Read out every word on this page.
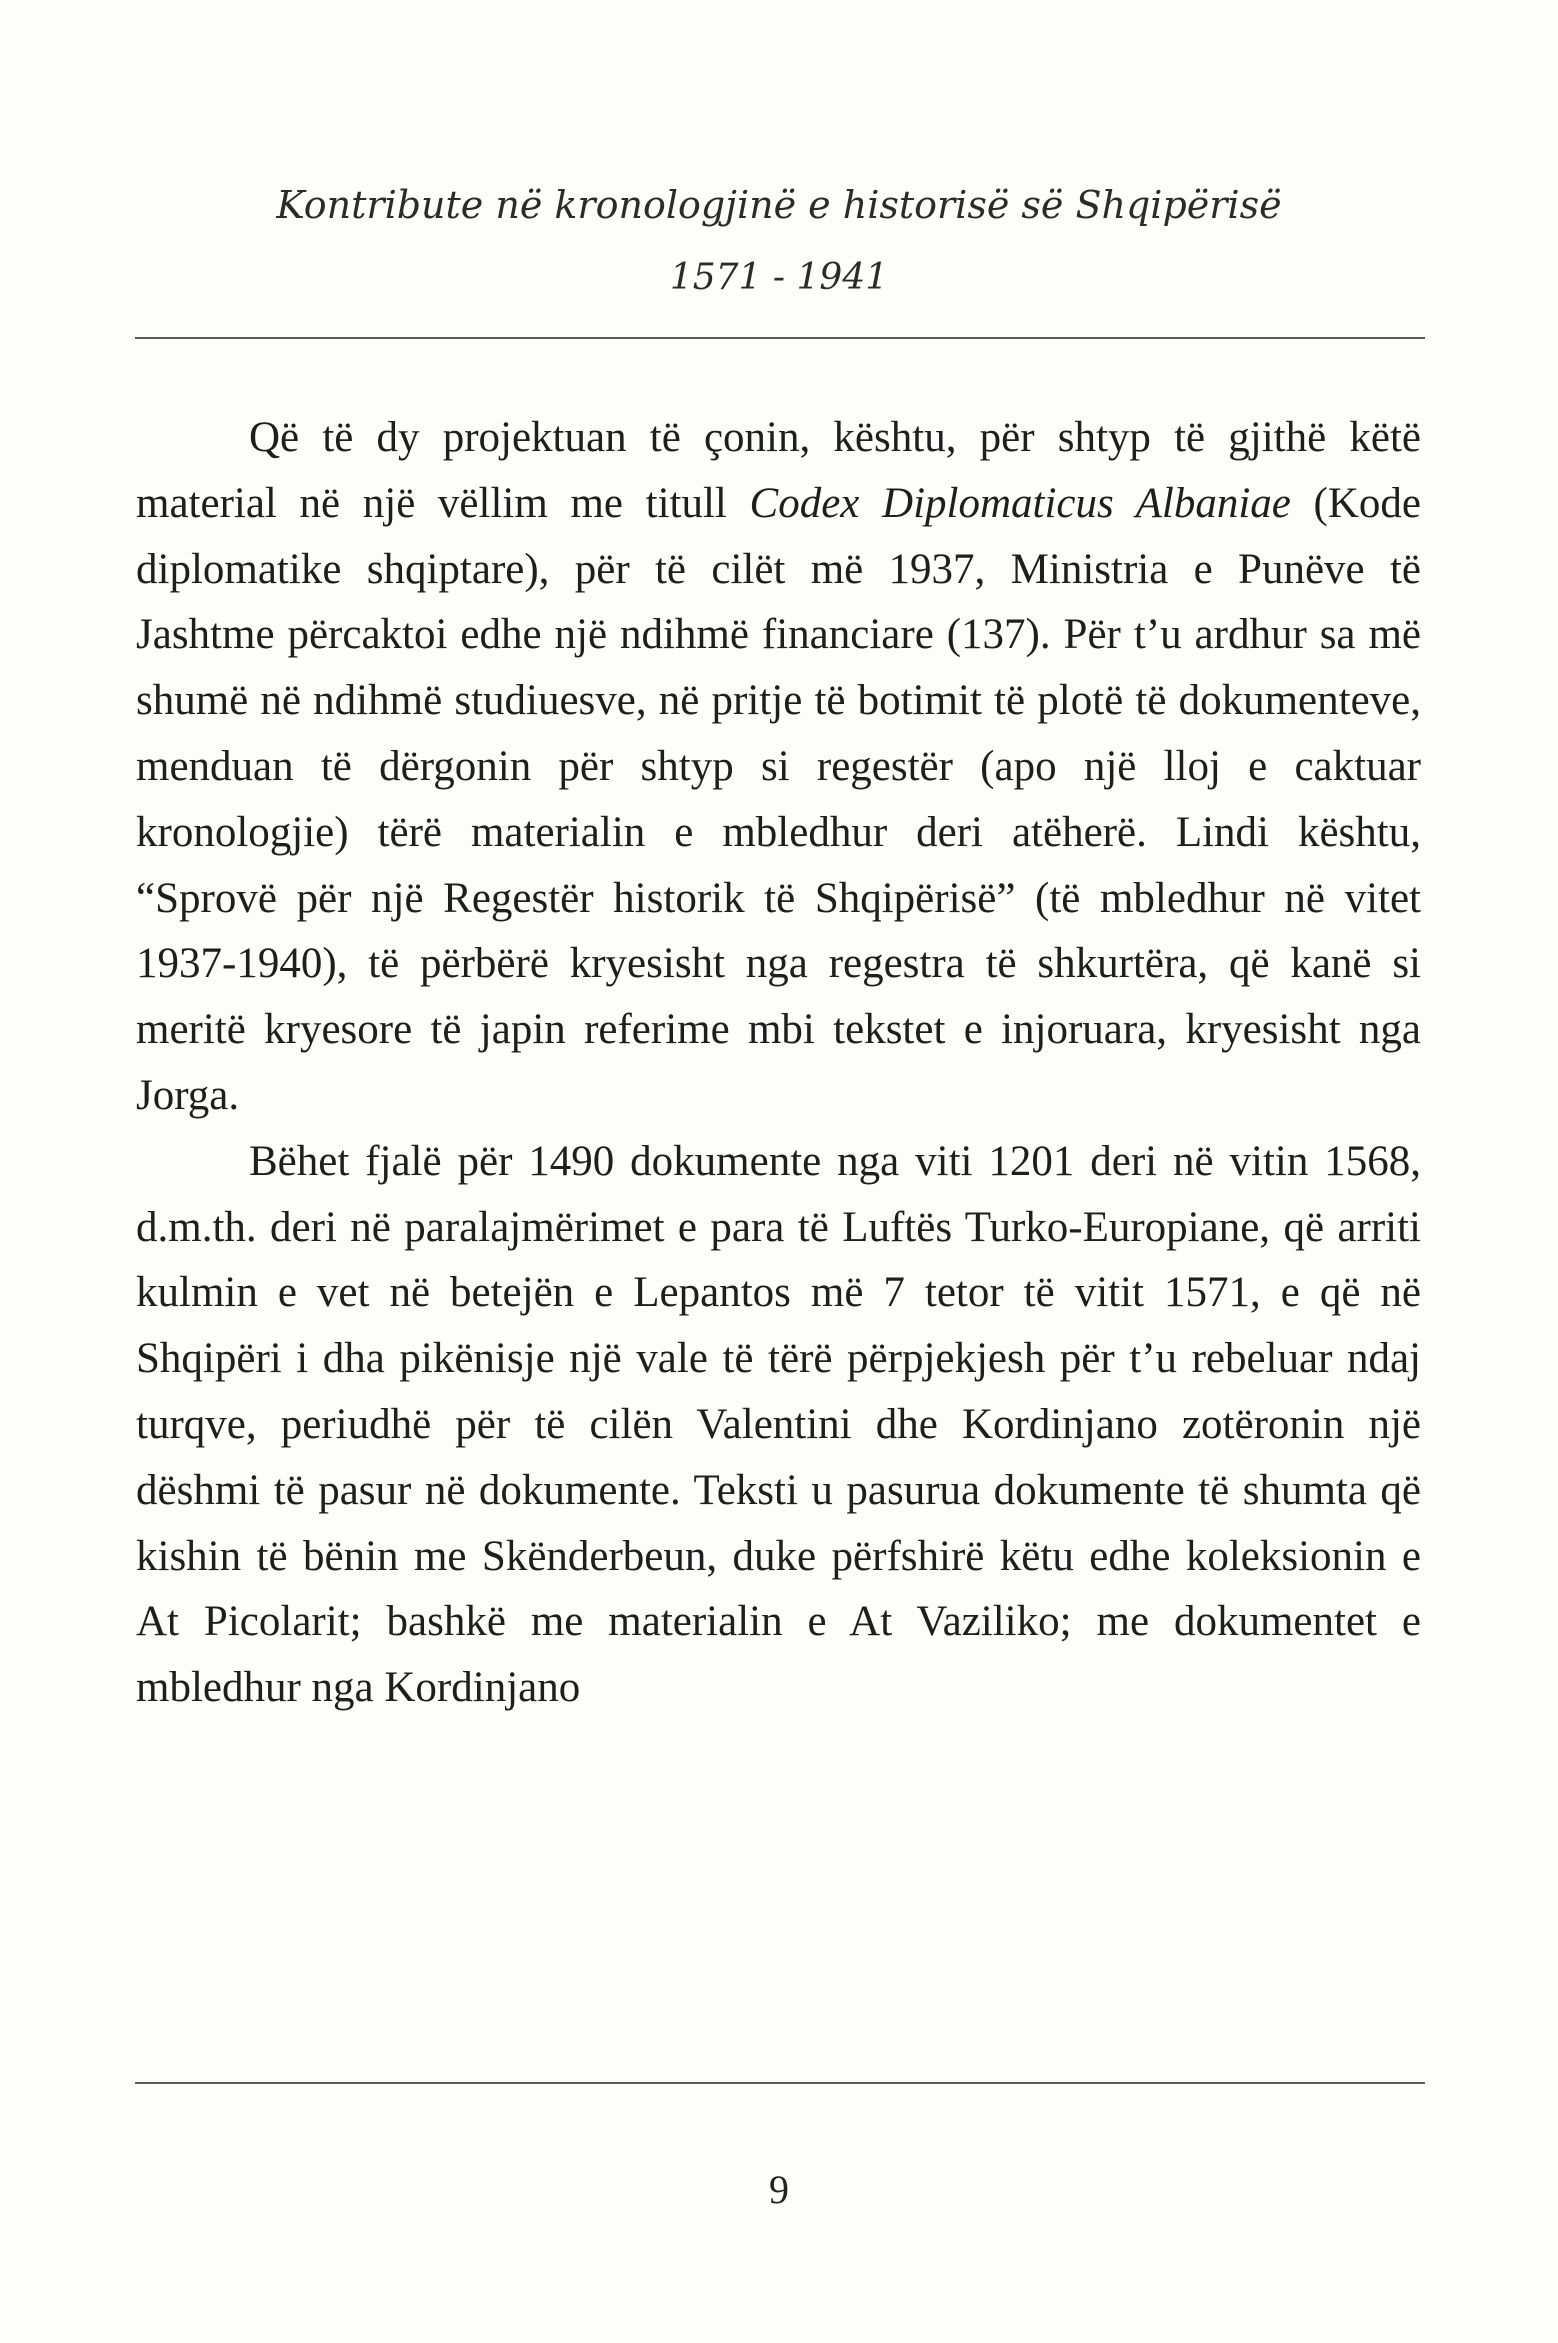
Kontribute në kronologjinë e historisë së Shqipërisë
1571 - 1941

Që të dy projektuan të çonin, kështu, për shtyp të gjithë këtë material në një vëllim me titull Codex Diplomaticus Albaniae (Kode diplomatike shqiptare), për të cilët më 1937, Ministria e Punëve të Jashtme përcaktoi edhe një ndihmë financiare (137). Për t’u ardhur sa më shumë në ndihmë studiuesve, në pritje të botimit të plotë të dokumenteve, menduan të dërgonin për shtyp si regestër (apo një lloj e caktuar kronologjie) tërë materialin e mbledhur deri atëherë. Lindi kështu, “Sprovë për një Regestër historik të Shqipërisë” (të mbledhur në vitet 1937-1940), të përbërë kryesisht nga regestra të shkurtëra, që kanë si meritë kryesore të japin referime mbi tekstet e injoruara, kryesisht nga Jorga.

Bëhet fjalë për 1490 dokumente nga viti 1201 deri në vitin 1568, d.m.th. deri në paralajmërimet e para të Luftës Turko-Europiane, që arriti kulmin e vet në betejën e Lepantos më 7 tetor të vitit 1571, e që në Shqipëri i dha pikënisje një vale të tërë përpjekjesh për t’u rebeluar ndaj turqve, periudhë për të cilën Valentini dhe Kordinjano zotëronin një dëshmi të pasur në dokumente. Teksti u pasurua dokumente të shumta që kishin të bënin me Skënderbeun, duke përfshirë këtu edhe koleksionin e At Picolarit; bashkë me materialin e At Vaziliko; me dokumentet e mbledhur nga Kordinjano

9
